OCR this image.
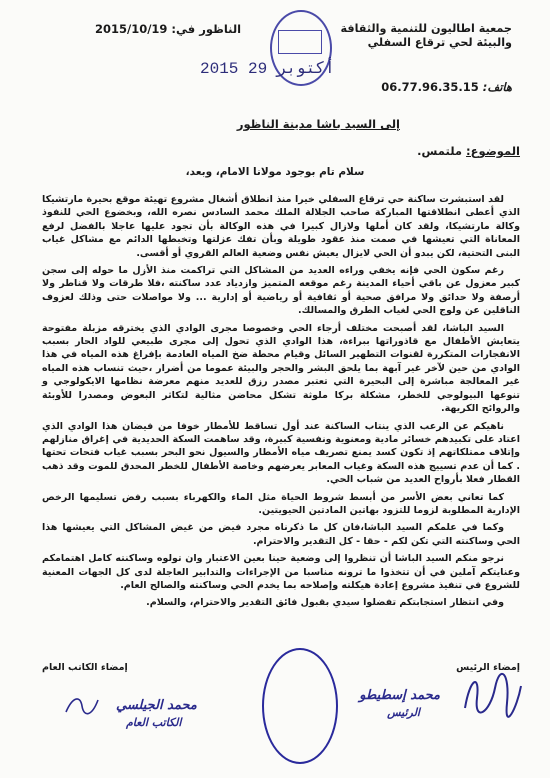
جمعية اطاليون للتنمية والثقافة
والبيئة لحي ترقاع السفلي
الناظور في: 2015/10/19
هاتف: 06.77.96.35.15
2015 أكتوبر 29
إلى السيد باشا مدينة الناظور
الموضوع: ملتمس.
سلام تام بوجود مولانا الامام، وبعد،

لقد استبشرت ساكنة حي ترقاع السفلي خيرا منذ انطلاق أشغال مشروع تهيئة موقع بحيرة مارتشيكا الذي أعطى انطلاقتها المباركة صاحب الجلالة الملك محمد السادس نصره الله، وبخضوع الحي للنفوذ وكالة مارتشيكا، ولقد كان أملها وﻻزال كبيرا في هذه الوكالة بأن تجود عليها عاجلا بالفضل لرفع المعاناة التي تعيشها في صمت منذ عقود طويلة وبأن تفك عزلتها وتخبطها الدائم مع مشاكل غياب البنى التحتية، لكن يبدو أن الحي لايزال يعيش نفس وضعية العالم القروي أو أقسى.

رغم سكون الحي فإنه يخفي وراءه العديد من المشاكل التي تراكمت منذ الأزل ما حوله إلى سجن كبير معزول عن باقي أحياء المدينة رغم موقعه المتميز وازدياد عدد ساكنته ،فلا طرقات ولا قناطر ولا أرصفة ولا حدائق ولا مرافق صحية أو ثقافية أو رياضية أو إدارية ... ولا مواصلات حتى وذلك لعزوف الناقلين عن ولوج الحي لغياب الطرق والمسالك.

السيد الباشا، لقد أصبحت مختلف أرجاء الحي وخصوصا مجرى الوادي الذي يخترقه مزبلة مفتوحة يتعايش الأطفال مع قاذوراتها ببراءة، هذا الوادي الذي تحول إلى مجرى طبيعي للواد الحار بسبب الانفجارات المتكررة لقنوات التطهير السائل وقيام محطة ضخ المياه العادمة بإفراغ هذه المياه في هذا الوادي من حين لآخر غير آبهة بما يلحق البشر والحجر والبيئة عموما من أضرار ،حيث تنساب هذه المياه غير المعالجة مباشرة إلى البحيرة التي تعتبر مصدر رزق للعديد منهم معرضة نظامها الايكولوجي و تنوعها البيولوجي للخطر، مشكلة بركا ملوثة تشكل محاضن مثالية لتكاثر البعوض ومصدرا للأوبئة والروائح الكريهة.

ناهيكم عن الرعب الذي ينتاب الساكنة عند أول تساقط للأمطار خوفا من فيضان هذا الوادي الذي اعتاد على تكبيدهم خسائر مادية ومعنوية ونفسية كبيرة، وقد ساهمت السكة الحديدية في إغراق منازلهم وإتلاف ممتلكاتهم إذ تكون كسد يمنع تصريف مياه الأمطار والسيول نحو البحر بسبب غياب فتحات تحتها . كما أن عدم تسييج هذه السكة وغياب المعابر يعرضهم وخاصة الأطفال للخطر المحدق للموت وقد ذهب القطار فعلا بأرواح العديد من شباب الحي.

كما تعاني بعض الأسر من أبسط شروط الحياة مثل الماء والكهرباء بسبب رفض تسليمها الرخص الإدارية المطلوبة لزوما للتزود بهاتين المادتين الحيويتين.

وكما في علمكم السيد الباشا،فان كل ما ذكرناه مجرد فيض من غيض المشاكل التي يعيشها هذا الحي وساكنته التي تكن لكم - حقا - كل التقدير والاحترام.

نرجو منكم السيد الباشا أن تنظروا إلى وضعية حينا بعين الاعتبار وان تولوه وساكنته كامل اهتمامكم وعنايتكم آملين في أن تتخذوا ما ترونه مناسبا من الإجراءات والتدابير العاجلة لدى كل الجهات المعنية للشروع في تنفيذ مشروع إعادة هيكلته وإصلاحه بما يخدم الحي وساكنته والصالح العام.

وفي انتظار استجابتكم تفضلوا سيدي بقبول فائق التقدير والاحترام، والسلام.

إمضاء الرئيس
إمضاء الكاتب العام
محمد إسطيطو
الرئيس
محمد الجيلسي
الكاتب العام
